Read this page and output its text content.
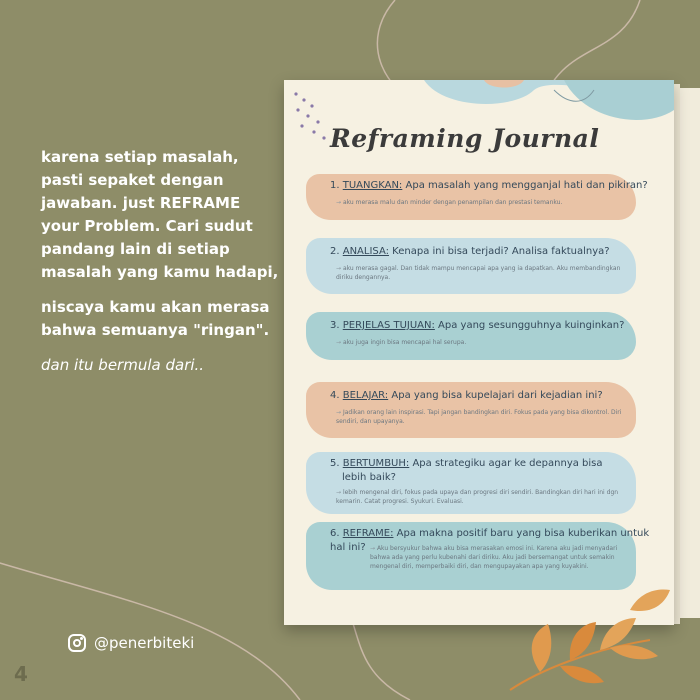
karena setiap masalah, pasti sepaket dengan jawaban. just REFRAME your Problem. Cari sudut pandang lain di setiap masalah yang kamu hadapi,

niscaya kamu akan merasa bahwa semuanya "ringan".

dan itu bermula dari..

@penerbiteki
4
Reframing Journal
1. TUANGKAN: Apa masalah yang mengganjal hati dan pikiran?
→ aku merasa malu dan minder dengan penampilan dan prestasi temanku.
2. ANALISA: Kenapa ini bisa terjadi? Analisa faktualnya?
→ aku merasa gagal. Dan tidak mampu mencapai apa yang ia dapatkan. Aku membandingkan diriku dengannya.
3. PERJELAS TUJUAN: Apa yang sesungguhnya kuinginkan?
→ aku juga ingin bisa mencapai hal serupa.
4. BELAJAR: Apa yang bisa kupelajari dari kejadian ini?
→ Jadikan orang lain inspirasi. Tapi jangan bandingkan diri. Fokus pada yang bisa dikontrol. Diri sendiri, dan upayanya.
5. BERTUMBUH: Apa strategiku agar ke depannya bisa
lebih baik?
→ lebih mengenal diri, fokus pada upaya dan progresi diri sendiri. Bandingkan diri hari ini dgn kemarin. Catat progresi. Syukuri. Evaluasi.
6. REFRAME: Apa makna positif baru yang bisa kuberikan untuk
hal ini? → Aku bersyukur bahwa aku bisa merasakan emosi ini. Karena aku jadi menyadari bahwa ada yang perlu kubenahi dari diriku. Aku jadi bersemangat untuk semakin mengenal diri, memperbaiki diri, dan mengupayakan apa yang kuyakini.
